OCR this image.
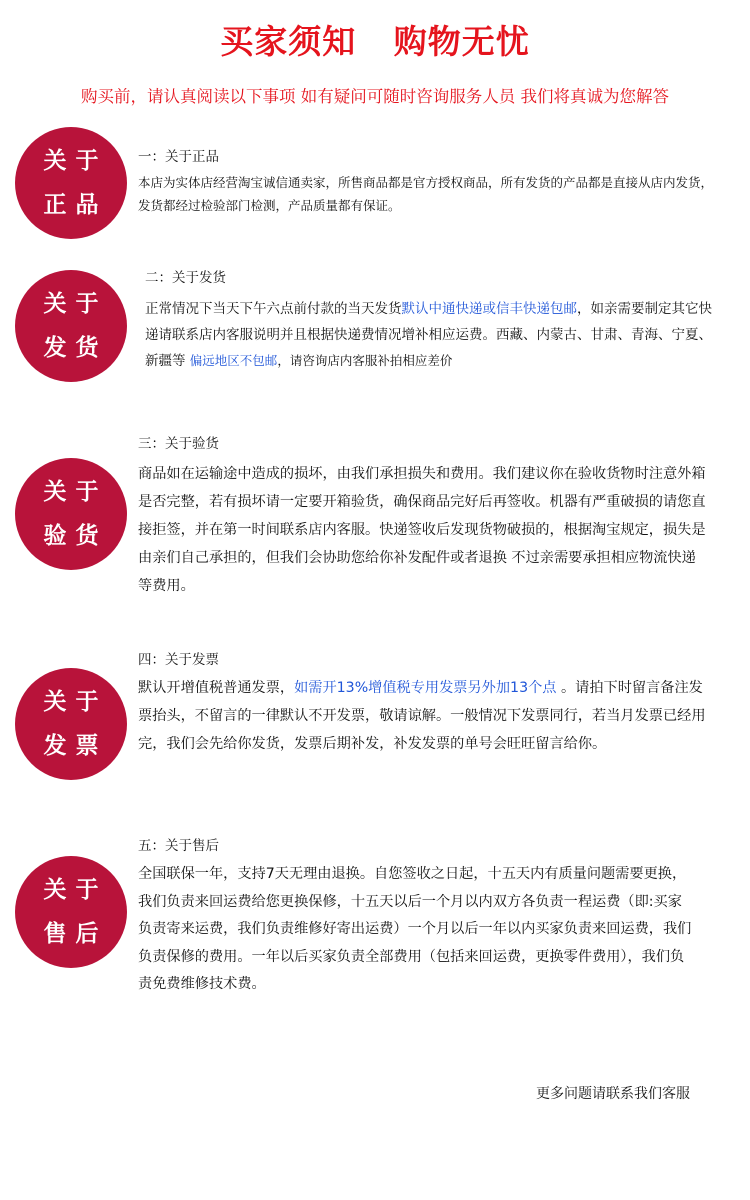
买家须知   购物无忧
购买前，请认真阅读以下事项 如有疑问可随时咨询服务人员 我们将真诚为您解答
关于
正品
一：关于正品

本店为实体店经营淘宝诚信通卖家，所售商品都是官方授权商品，所有发货的产品都是直接从店内发货，发货都经过检验部门检测，产品质量都有保证。

关于
发货
二：关于发货

正常情况下当天下午六点前付款的当天发货默认中通快递或信丰快递包邮，如亲需要制定其它快递请联系店内客服说明并且根据快递费情况增补相应运费。西藏、内蒙古、甘肃、青海、宁夏、新疆等 偏远地区不包邮，请咨询店内客服补拍相应差价

关于
验货
三：关于验货

商品如在运输途中造成的损坏，由我们承担损失和费用。我们建议你在验收货物时注意外箱是否完整，若有损坏请一定要开箱验货，确保商品完好后再签收。机器有严重破损的请您直接拒签，并在第一时间联系店内客服。快递签收后发现货物破损的，根据淘宝规定，损失是由亲们自己承担的，但我们会协助您给你补发配件或者退换 不过亲需要承担相应物流快递等费用。

关于
发票
四：关于发票

默认开增值税普通发票，如需开13%增值税专用发票另外加13个点 。请拍下时留言备注发票抬头，不留言的一律默认不开发票，敬请谅解。一般情况下发票同行，若当月发票已经用完，我们会先给你发货，发票后期补发，补发发票的单号会旺旺留言给你。

关于
售后
五：关于售后

全国联保一年，支持7天无理由退换。自您签收之日起，十五天内有质量问题需要更换，我们负责来回运费给您更换保修，十五天以后一个月以内双方各负责一程运费（即:买家负责寄来运费，我们负责维修好寄出运费）一个月以后一年以内买家负责来回运费，我们负责保修的费用。一年以后买家负责全部费用（包括来回运费，更换零件费用），我们负责免费维修技术费。

更多问题请联系我们客服
